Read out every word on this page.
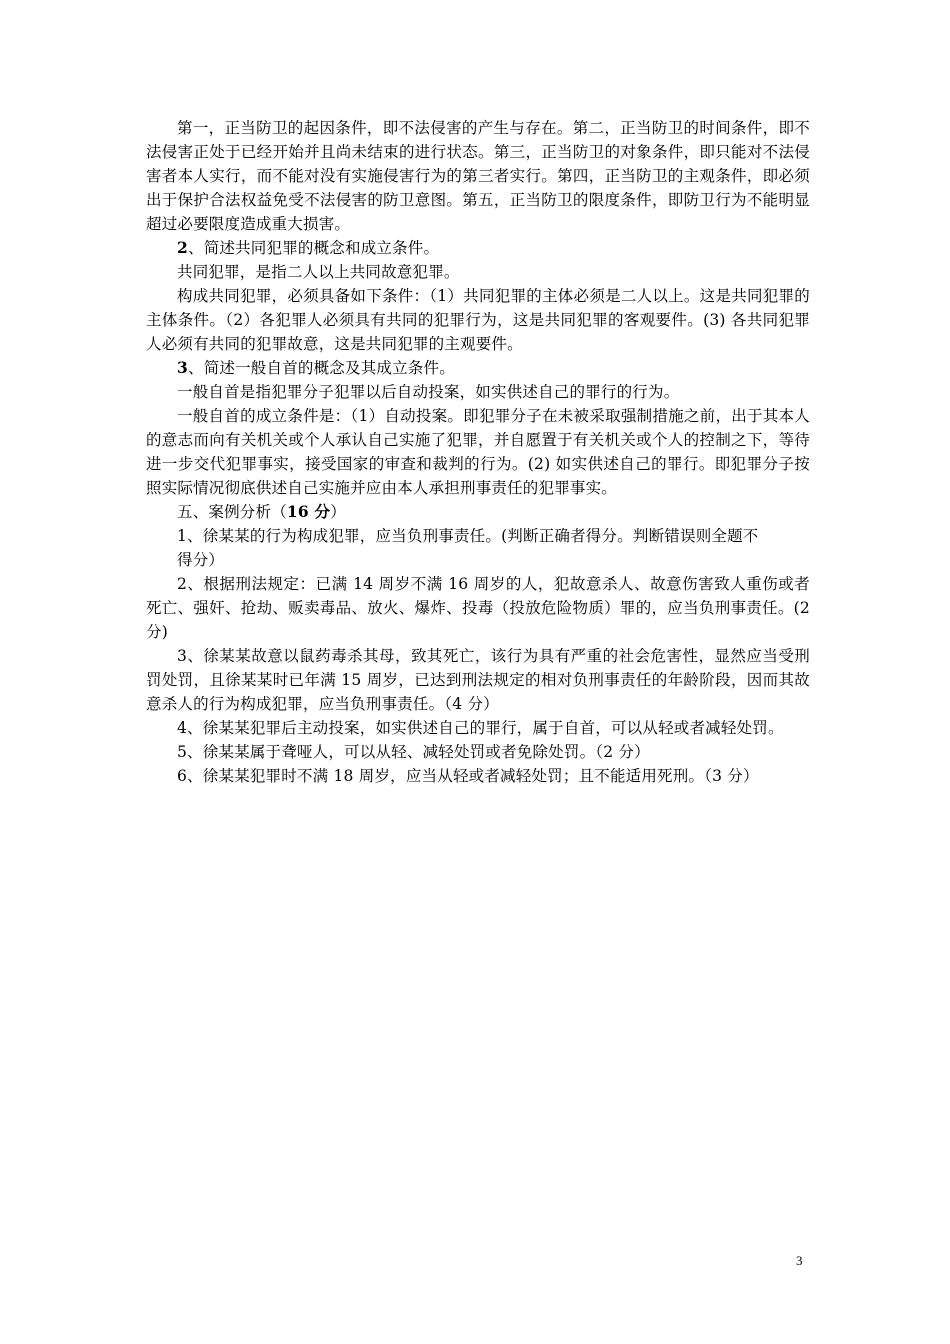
第一，正当防卫的起因条件，即不法侵害的产生与存在。第二，正当防卫的时间条件，即不法侵害正处于已经开始并且尚未结束的进行状态。第三，正当防卫的对象条件，即只能对不法侵害者本人实行，而不能对没有实施侵害行为的第三者实行。第四，正当防卫的主观条件，即必须出于保护合法权益免受不法侵害的防卫意图。第五，正当防卫的限度条件，即防卫行为不能明显超过必要限度造成重大损害。

2、简述共同犯罪的概念和成立条件。

共同犯罪，是指二人以上共同故意犯罪。

构成共同犯罪，必须具备如下条件：（1）共同犯罪的主体必须是二人以上。这是共同犯罪的主体条件。（2）各犯罪人必须具有共同的犯罪行为，这是共同犯罪的客观要件。(3) 各共同犯罪人必须有共同的犯罪故意，这是共同犯罪的主观要件。

3、简述一般自首的概念及其成立条件。

一般自首是指犯罪分子犯罪以后自动投案，如实供述自己的罪行的行为。

一般自首的成立条件是：（1）自动投案。即犯罪分子在未被采取强制措施之前，出于其本人的意志而向有关机关或个人承认自己实施了犯罪，并自愿置于有关机关或个人的控制之下，等待进一步交代犯罪事实，接受国家的审查和裁判的行为。(2) 如实供述自己的罪行。即犯罪分子按照实际情况彻底供述自己实施并应由本人承担刑事责任的犯罪事实。

五、案例分析（16 分）

1、徐某某的行为构成犯罪，应当负刑事责任。(判断正确者得分。判断错误则全题不

得分）

2、根据刑法规定：已满 14 周岁不满 16 周岁的人，犯故意杀人、故意伤害致人重伤或者死亡、强奸、抢劫、贩卖毒品、放火、爆炸、投毒（投放危险物质）罪的，应当负刑事责任。(2 分)

3、徐某某故意以鼠药毒杀其母，致其死亡，该行为具有严重的社会危害性，显然应当受刑罚处罚，且徐某某时已年满 15 周岁，已达到刑法规定的相对负刑事责任的年龄阶段，因而其故意杀人的行为构成犯罪，应当负刑事责任。（4 分）

4、徐某某犯罪后主动投案，如实供述自己的罪行，属于自首，可以从轻或者减轻处罚。

5、徐某某属于聋哑人，可以从轻、减轻处罚或者免除处罚。（2 分）

6、徐某某犯罪时不满 18 周岁，应当从轻或者减轻处罚；且不能适用死刑。（3 分）

3
